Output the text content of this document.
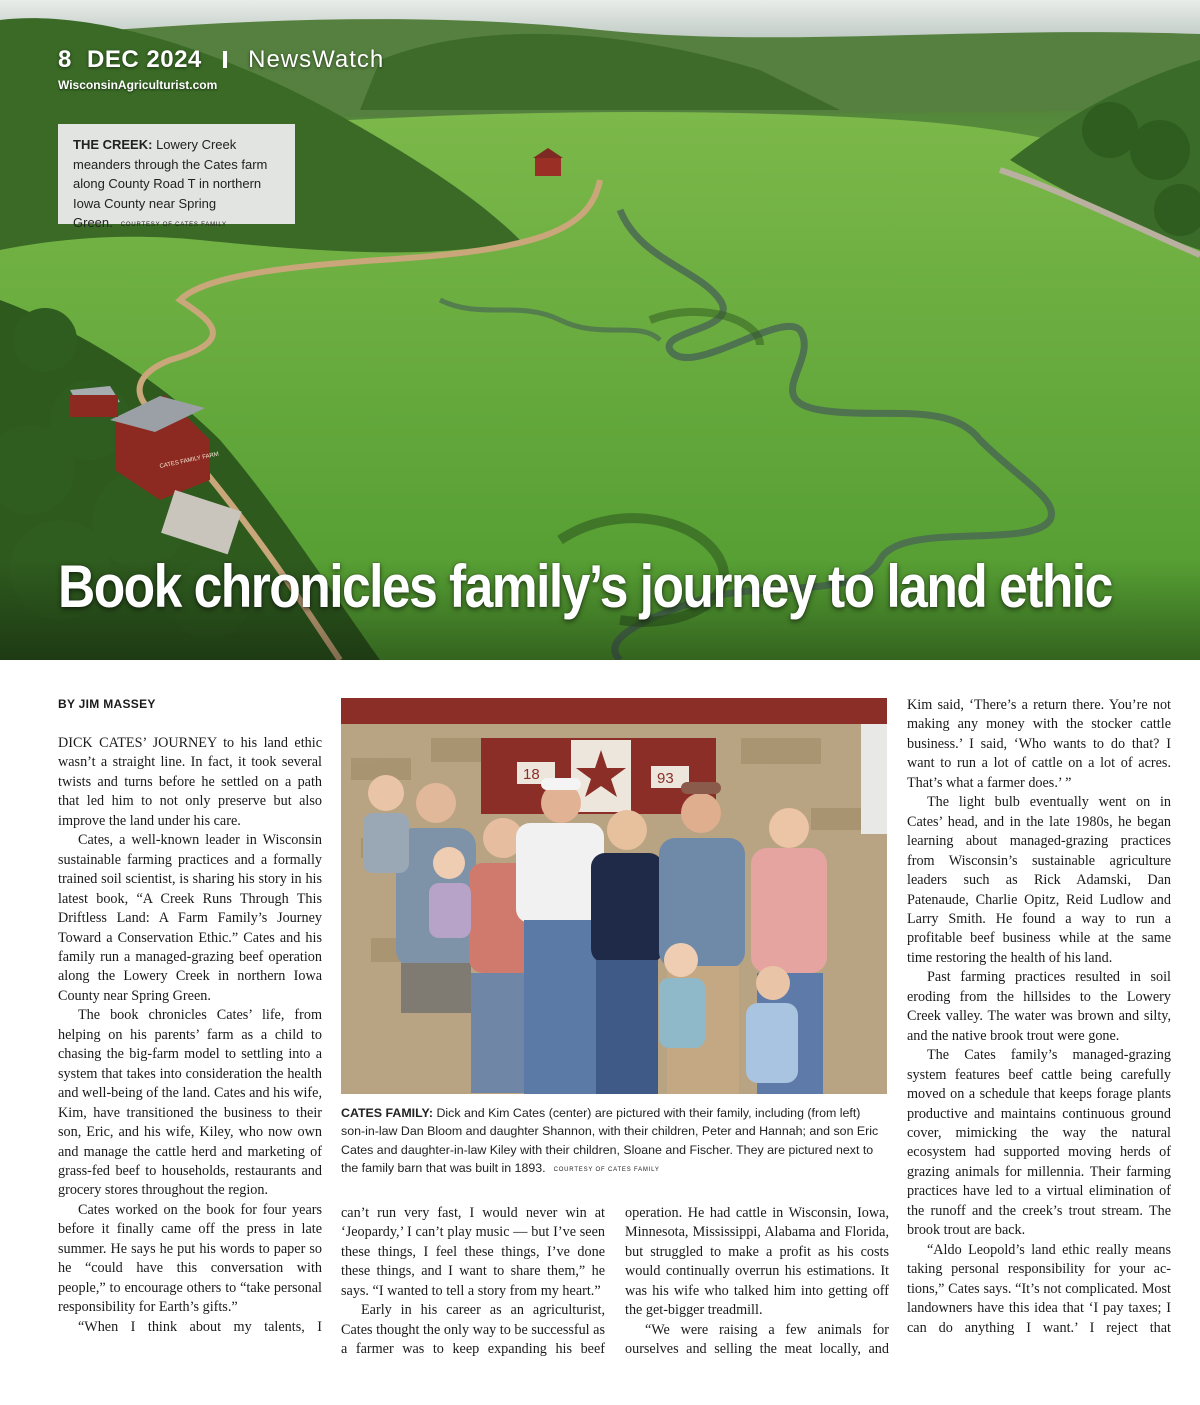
CATES FAMILY FARM
8 DEC 2024 NewsWatch
WisconsinAgriculturist.com
THE CREEK: Lowery Creek meanders through the Cates farm along County Road T in northern Iowa County near Spring Green. COURTESY OF CATES FAMILY
Book chronicles family’s journey to land ethic
BY JIM MASSEY

DICK CATES’ JOURNEY to his land ethic wasn’t a straight line. In fact, it took several twists and turns before he settled on a path that led him to not only preserve but also improve the land under his care.

Cates, a well-known leader in Wisconsin sustainable farming practices and a formally trained soil scientist, is sharing his story in his latest book, “A Creek Runs Through This Driftless Land: A Farm Family’s Journey Toward a Conservation Ethic.” Cates and his family run a managed-grazing beef operation along the Lowery Creek in northern Iowa County near Spring Green.

The book chronicles Cates’ life, from helping on his parents’ farm as a child to chasing the big-farm model to settling into a system that takes into consideration the health and well-being of the land. Cates and his wife, Kim, have transitioned the business to their son, Eric, and his wife, Kiley, who now own and manage the cattle herd and marketing of grass-fed beef to households, restaurants and grocery stores throughout the region.

Cates worked on the book for four years before it finally came off the press in late summer. He says he put his words to paper so he “could have this conversation with people,” to encourage others to “take personal responsibility for Earth’s gifts.”

“When I think about my talents, I

18	93
CATES FAMILY: Dick and Kim Cates (center) are pictured with their family, including (from left) son-in-law Dan Bloom and daughter Shannon, with their children, Peter and Hannah; and son Eric Cates and daughter-in-law Kiley with their children, Sloane and Fischer. They are pictured next to the family barn that was built in 1893. COURTESY OF CATES FAMILY

can’t run very fast, I would never win at ‘Jeopardy,’ I can’t play music — but I’ve seen these things, I feel these things, I’ve done these things, and I want to share them,” he says. “I wanted to tell a story from my heart.”

Early in his career as an agriculturist, Cates thought the only way to be successful as a farmer was to keep expanding his beef

operation. He had cattle in Wisconsin, Iowa, Minnesota, Mississippi, Alabama and Florida, but struggled to make a profit as his costs would continually overrun his estimations. It was his wife who talked him into getting off the get-bigger treadmill.

“We were raising a few animals for ourselves and selling the meat locally, and

Kim said, ‘There’s a return there. You’re not making any money with the stocker cattle business.’ I said, ‘Who wants to do that? I want to run a lot of cattle on a lot of acres. That’s what a farmer does.’ ”

The light bulb eventually went on in Cates’ head, and in the late 1980s, he began learning about managed-grazing practices from Wisconsin’s sustainable agriculture leaders such as Rick Adamski, Dan Patenaude, Charlie Opitz, Reid Ludlow and Larry Smith. He found a way to run a profitable beef business while at the same time restoring the health of his land.

Past farming practices resulted in soil eroding from the hillsides to the Lowery Creek valley. The water was brown and silty, and the native brook trout were gone.

The Cates family’s managed-grazing system features beef cattle being carefully moved on a schedule that keeps forage plants productive and maintains continuous ground cover, mimicking the way the natural ecosystem had supported moving herds of grazing animals for millennia. Their farming practices have led to a virtual elimination of the runoff and the creek’s trout stream. The brook trout are back.

“Aldo Leopold’s land ethic really means taking personal responsibility for your actions,” Cates says. “It’s not complicated. Most landowners have this idea that ‘I pay taxes; I can do anything I want.’ I reject that
